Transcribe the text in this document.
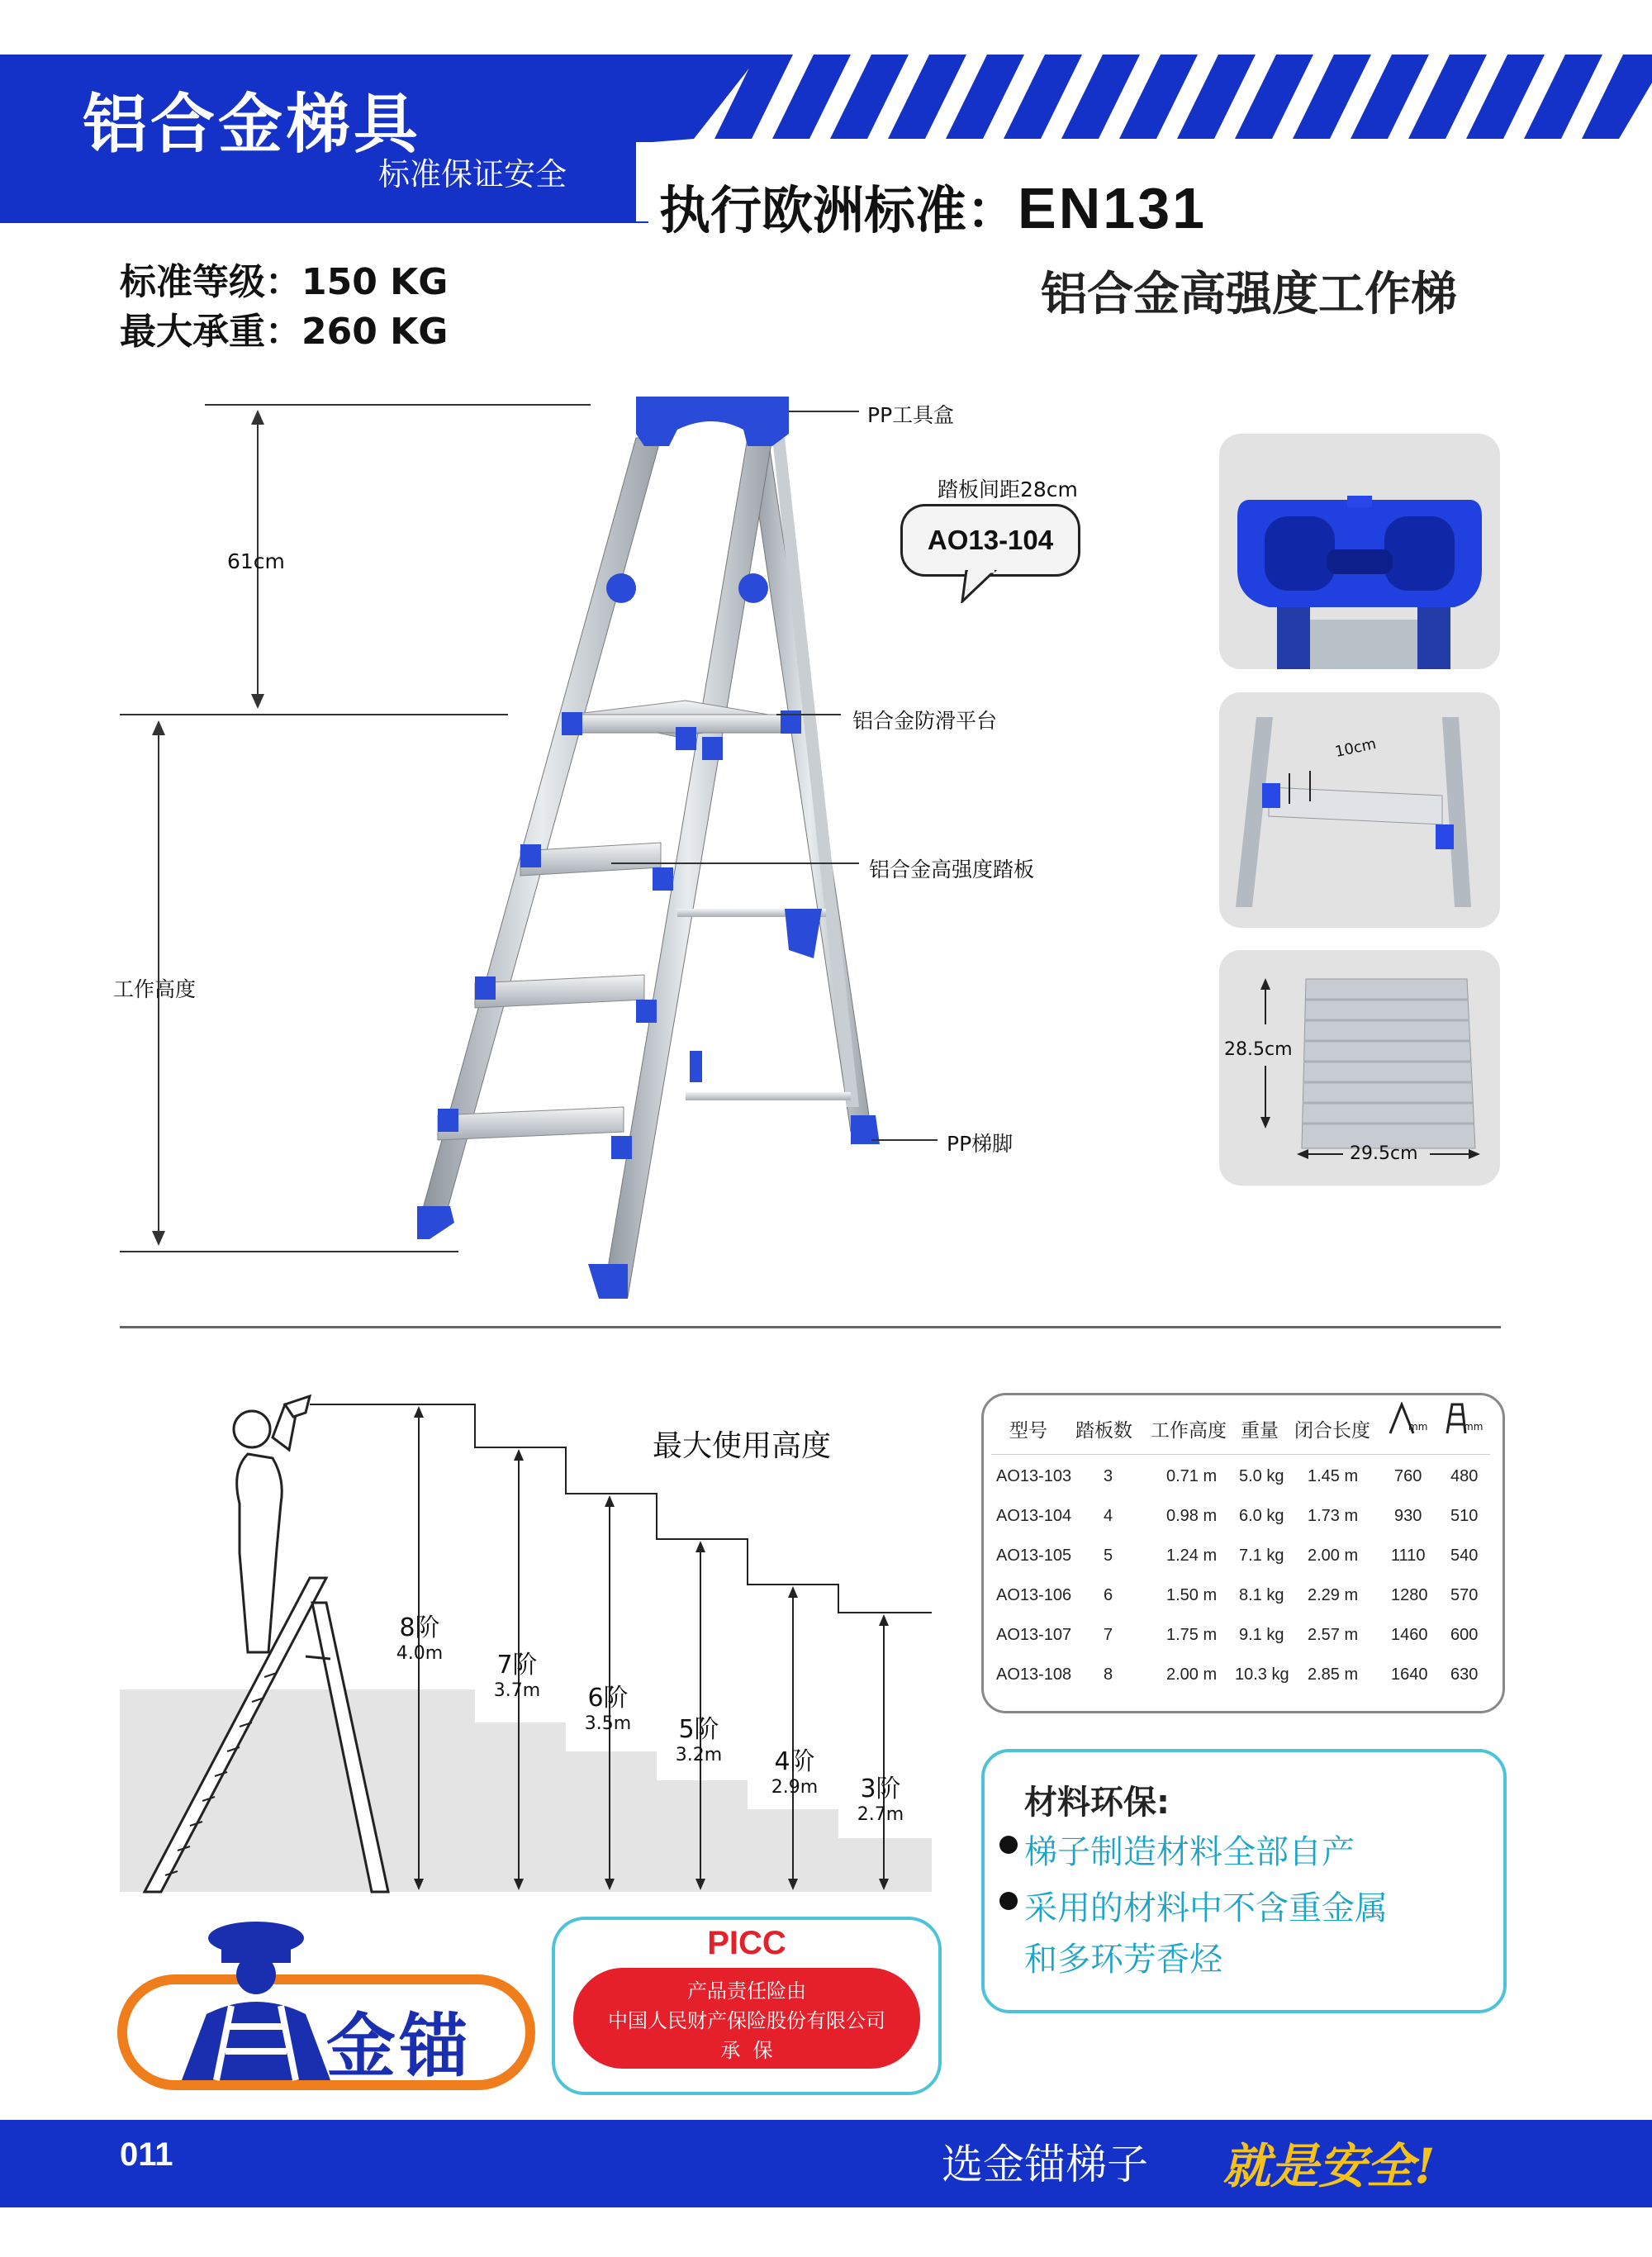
铝合金梯具
标准保证安全
执行欧洲标准：EN131
标准等级：150 KG
最大承重：260 KG
铝合金高强度工作梯
PP工具盒
踏板间距28cm
AO13-104
61cm
铝合金防滑平台
铝合金高强度踏板
工作高度
PP梯脚
10cm
28.5cm
29.5cm
最大使用高度
8阶
4.0m 7阶
3.7m 6阶
3.5m 5阶
3.2m 4阶
2.9m 3阶
2.7m
型号 踏板数 工作高度 重量 闭合长度	mm	mm
AO13-103 3	0.71 m 5.0 kg 1.45 m 760 480
AO13-104 4	0.98 m 6.0 kg 1.73 m 930 510
AO13-105 5	1.24 m 7.1 kg 2.00 m 1110 540
AO13-106 6	1.50 m 8.1 kg 2.29 m 1280 570
AO13-107 7	1.75 m 9.1 kg 2.57 m 1460 600
AO13-108 8	2.00 m 10.3 kg 2.85 m 1640 630
材料环保:
梯子制造材料全部自产
采用的材料中不含重金属
和多环芳香烃
金锚
PICC
产品责任险由
中国人民财产保险股份有限公司
承  保
011	选金锚梯子 就是安全!
